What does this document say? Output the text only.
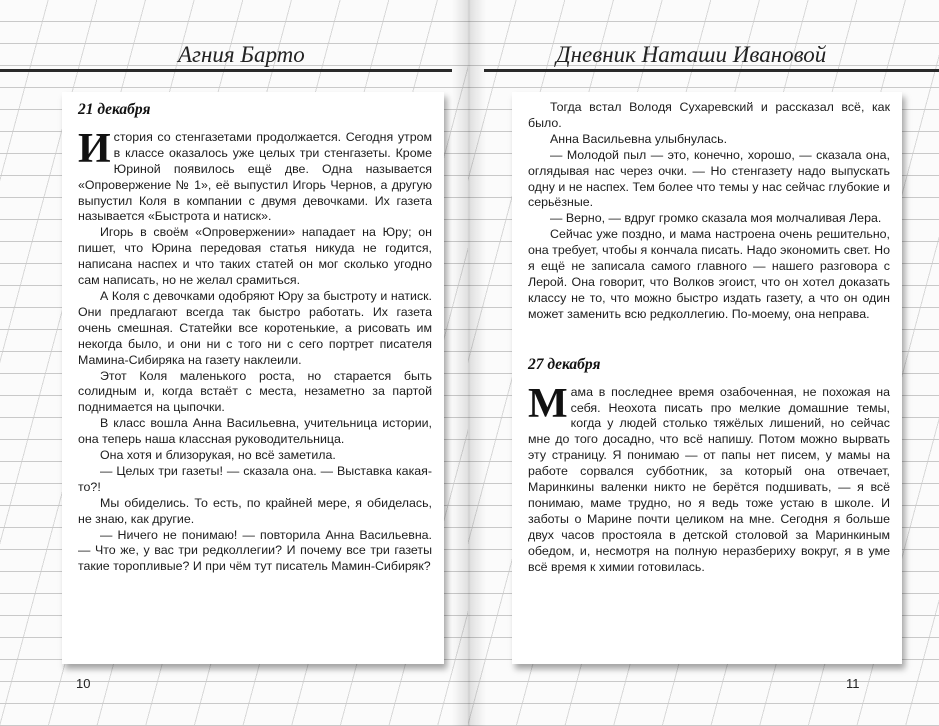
Агния Барто
21 декабря

История со стенгазетами продолжается. Сегодня утром в классе оказалось уже целых три стенгазеты. Кроме Юриной появилось ещё две. Одна называется «Опровержение № 1», её выпустил Игорь Чернов, а другую выпустил Коля в компании с двумя девочками. Их газета называется «Быстрота и натиск».

Игорь в своём «Опровержении» нападает на Юру; он пишет, что Юрина передовая статья никуда не годится, написана наспех и что таких статей он мог сколько угодно сам написать, но не желал срамиться.

А Коля с девочками одобряют Юру за быстроту и натиск. Они предлагают всегда так быстро работать. Их газета очень смешная. Статейки все коротенькие, а рисовать им некогда было, и они ни с того ни с сего портрет писателя Мамина-Сибиряка на газету наклеили.

Этот Коля маленького роста, но старается быть солидным и, когда встаёт с места, незаметно за партой поднимается на цыпочки.

В класс вошла Анна Васильевна, учительница истории, она теперь наша классная руководительница.

Она хотя и близорукая, но всё заметила.

— Целых три газеты! — сказала она. — Выставка какая-то?!

Мы обиделись. То есть, по крайней мере, я обиделась, не знаю, как другие.

— Ничего не понимаю! — повторила Анна Васильевна. — Что же, у вас три редколлегии? И почему все три газеты такие торопливые? И при чём тут писатель Мамин-Сибиряк?

10
Дневник Наташи Ивановой

Тогда встал Володя Сухаревский и рассказал всё, как было.

Анна Васильевна улыбнулась.

— Молодой пыл — это, конечно, хорошо, — сказала она, оглядывая нас через очки. — Но стенгазету надо выпускать одну и не наспех. Тем более что темы у нас сейчас глубокие и серьёзные.

— Верно, — вдруг громко сказала моя молчаливая Лера.

Сейчас уже поздно, и мама настроена очень решительно, она требует, чтобы я кончала писать. Надо экономить свет. Но я ещё не записала самого главного — нашего разговора с Лерой. Она говорит, что Волков эгоист, что он хотел доказать классу не то, что можно быстро издать газету, а что он один может заменить всю редколлегию. По-моему, она неправа.

27 декабря

Мама в последнее время озабоченная, не похожая на себя. Неохота писать про мелкие домашние темы, когда у людей столько тяжёлых лишений, но сейчас мне до того досадно, что всё напишу. Потом можно вырвать эту страницу. Я понимаю — от папы нет писем, у мамы на работе сорвался субботник, за который она отвечает, Маринкины валенки никто не берётся подшивать, — я всё понимаю, маме трудно, но я ведь тоже устаю в школе. И заботы о Марине почти целиком на мне. Сегодня я больше двух часов простояла в детской столовой за Маринкиным обедом, и, несмотря на полную неразбериху вокруг, я в уме всё время к химии готовилась.

11
